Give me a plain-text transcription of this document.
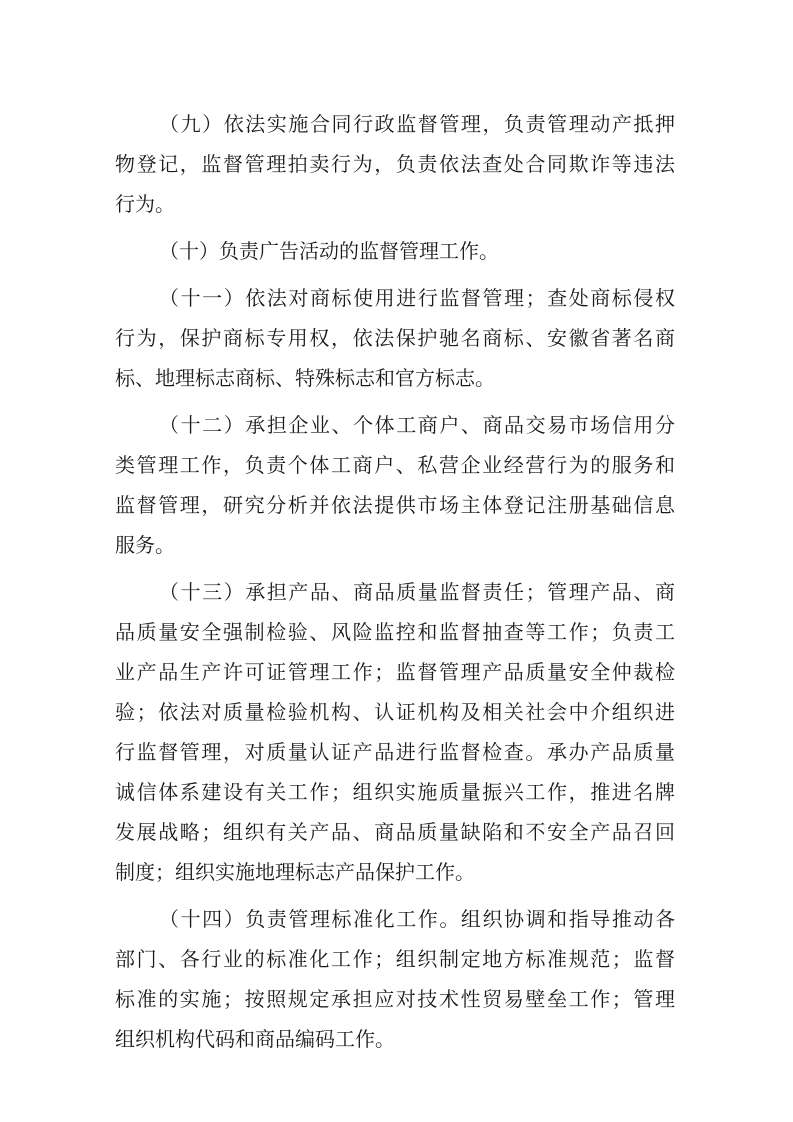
（九）依法实施合同行政监督管理，负责管理动产抵押
物登记，监督管理拍卖行为，负责依法查处合同欺诈等违法
行为。
（十）负责广告活动的监督管理工作。
（十一）依法对商标使用进行监督管理；查处商标侵权
行为，保护商标专用权，依法保护驰名商标、安徽省著名商
标、地理标志商标、特殊标志和官方标志。
（十二）承担企业、个体工商户、商品交易市场信用分
类管理工作，负责个体工商户、私营企业经营行为的服务和
监督管理，研究分析并依法提供市场主体登记注册基础信息
服务。
（十三）承担产品、商品质量监督责任；管理产品、商
品质量安全强制检验、风险监控和监督抽查等工作；负责工
业产品生产许可证管理工作；监督管理产品质量安全仲裁检
验；依法对质量检验机构、认证机构及相关社会中介组织进
行监督管理，对质量认证产品进行监督检查。承办产品质量
诚信体系建设有关工作；组织实施质量振兴工作，推进名牌
发展战略；组织有关产品、商品质量缺陷和不安全产品召回
制度；组织实施地理标志产品保护工作。
（十四）负责管理标准化工作。组织协调和指导推动各
部门、各行业的标准化工作；组织制定地方标准规范；监督
标准的实施；按照规定承担应对技术性贸易壁垒工作；管理
组织机构代码和商品编码工作。
